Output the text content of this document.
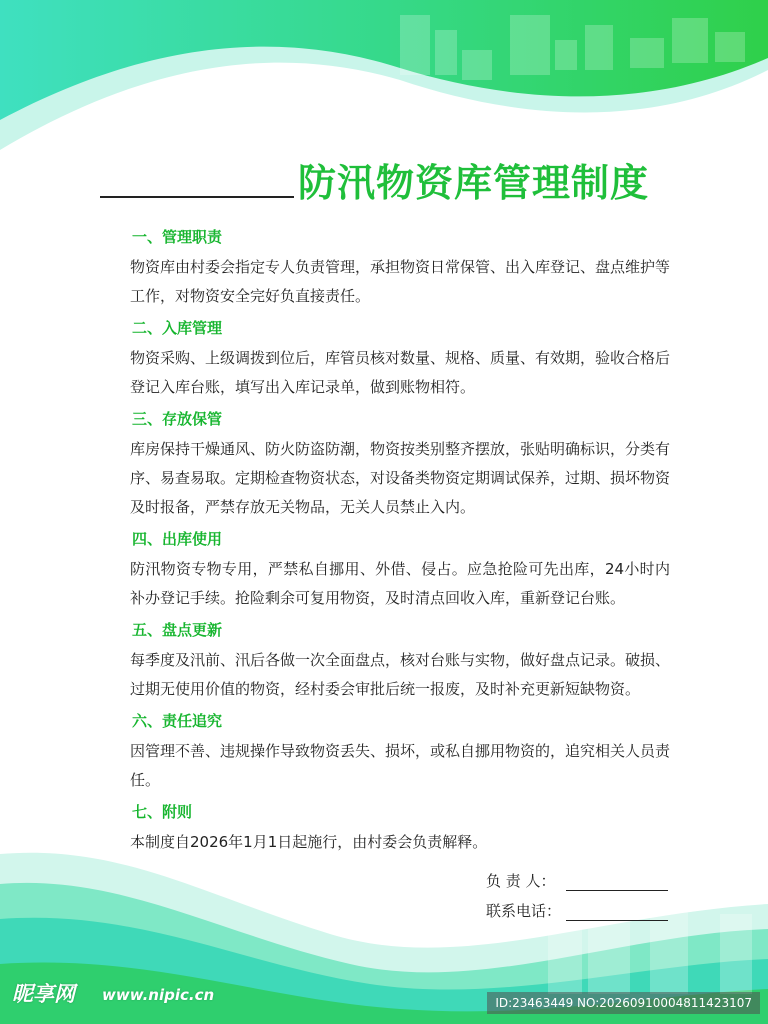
防汛物资库管理制度

一、管理职责

物资库由村委会指定专人负责管理，承担物资日常保管、出入库登记、盘点维护等工作，对物资安全完好负直接责任。

二、入库管理

物资采购、上级调拨到位后，库管员核对数量、规格、质量、有效期，验收合格后登记入库台账，填写出入库记录单，做到账物相符。

三、存放保管

库房保持干燥通风、防火防盗防潮，物资按类别整齐摆放，张贴明确标识，分类有序、易查易取。定期检查物资状态，对设备类物资定期调试保养，过期、损坏物资及时报备，严禁存放无关物品，无关人员禁止入内。

四、出库使用

防汛物资专物专用，严禁私自挪用、外借、侵占。应急抢险可先出库，24小时内补办登记手续。抢险剩余可复用物资，及时清点回收入库，重新登记台账。

五、盘点更新

每季度及汛前、汛后各做一次全面盘点，核对台账与实物，做好盘点记录。破损、过期无使用价值的物资，经村委会审批后统一报废，及时补充更新短缺物资。

六、责任追究

因管理不善、违规操作导致物资丢失、损坏，或私自挪用物资的，追究相关人员责任。

七、附则

本制度自2026年1月1日起施行，由村委会负责解释。

负 责 人：
联系电话：
昵享网 www.nipic.cn	ID:23463449 NO:20260910004811423107
